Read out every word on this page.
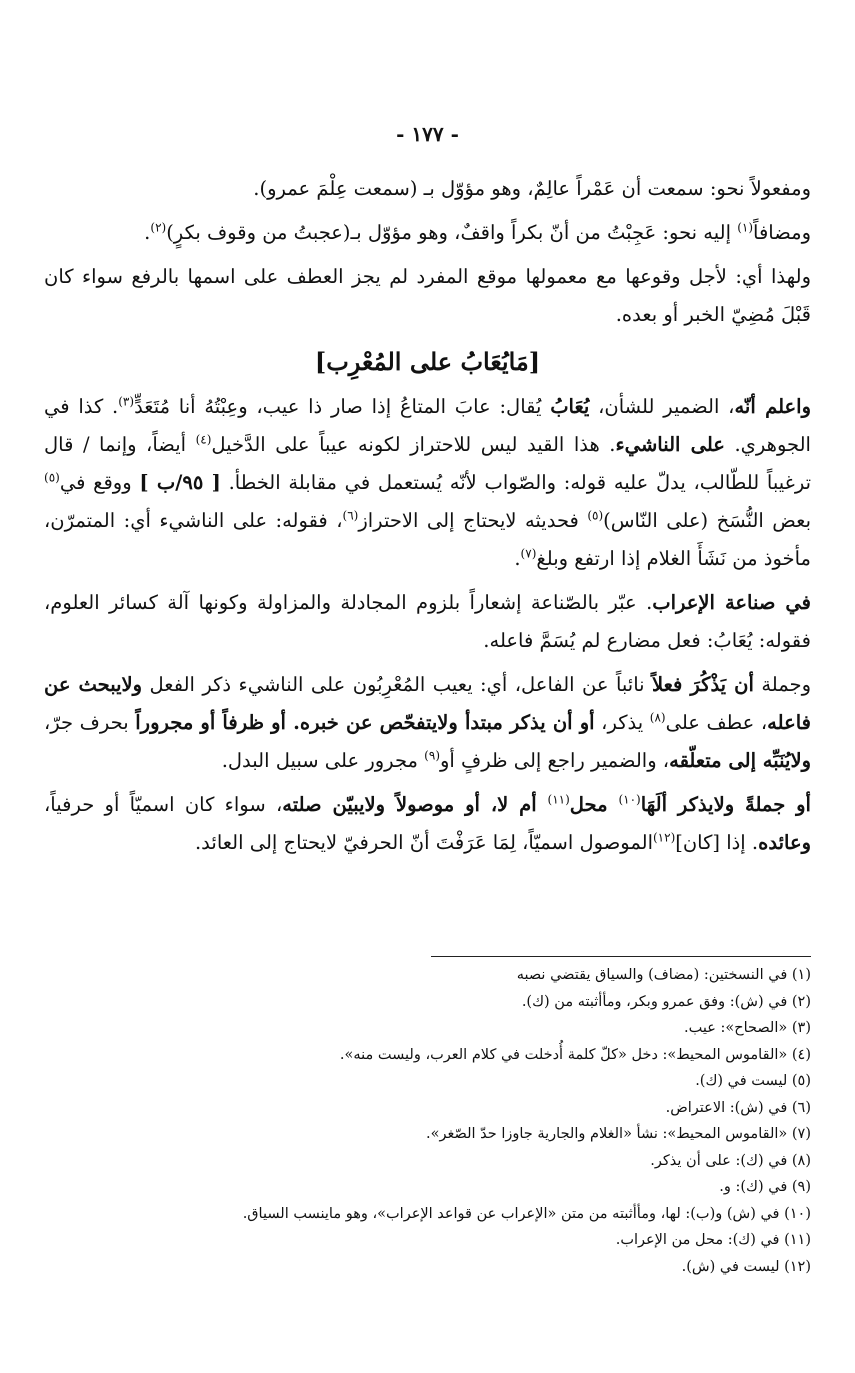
- ١٧٧ -

ومفعولاً نحو: سمعت أن عَمْراً عالِمٌ، وهو مؤوّل بـ (سمعت عِلْمَ عمرو).

ومضافاً$^{(١)}$ إليه نحو: عَجِبْتُ من أنّ بكراً واقفٌ، وهو مؤوّل بـ(عجبتُ من وقوف بكرٍ)$^{(٢)}$.

ولهذا أي: لأجل وقوعها مع معمولها موقع المفرد لم يجز العطف على اسمها بالرفع سواء كان قَبْلَ مُضِيّ الخبر أو بعده.

[مَايُعَابُ على المُعْرِب]

واعلم أنّه، الضمير للشأن، يُعَابُ يُقال: عابَ المتاعُ إذا صار ذا عيب، وعِبْتُهُ أنا مُتَعَدٍّ$^{(٣)}$. كذا في الجوهري. على الناشيء. هذا القيد ليس للاحتراز لكونه عيباً على الدَّخيل$^{(٤)}$ أيضاً، وإنما / قال ترغيباً للطّالب، يدلّ عليه قوله: والصّواب لأنّه يُستعمل في مقابلة الخطأ. [ ٩٥/ب ] ووقع في$^{(٥)}$ بعض النُّسَخ (على النّاس)$^{(٥)}$ فحديثه لايحتاج إلى الاحتراز$^{(٦)}$، فقوله: على الناشيء أي: المتمرّن، مأخوذ من نَشَأَ الغلام إذا ارتفع وبلغ$^{(٧)}$.

في صناعة الإعراب. عبّر بالصّناعة إشعاراً بلزوم المجادلة والمزاولة وكونها آلة كسائر العلوم، فقوله: يُعَابُ: فعل مضارع لم يُسَمَّ فاعله.

وجملة أن يَذْكُرَ فعلاً نائباً عن الفاعل، أي: يعيب المُعْرِبُون على الناشيء ذكر الفعل ولايبحث عن فاعله، عطف على$^{(٨)}$ يذكر، أو أن يذكر مبتدأ ولايتفحّص عن خبره. أو ظرفاً أو مجروراً بحرف جرّ، ولايُنَبِّه إلى متعلّقه، والضمير راجع إلى ظرفٍ أو$^{(٩)}$ مجرور على سبيل البدل.

أو جملةً ولايذكر ألَهَا$^{(١٠)}$ محل$^{(١١)}$ أم لا، أو موصولاً ولايبيّن صلته، سواء كان اسميّاً أو حرفياً، وعائده. إذا [كان]$^{(١٢)}$الموصول اسميّاً، لِمَا عَرَفْتَ أنّ الحرفيّ لايحتاج إلى العائد.

(١) في النسختين: (مضاف) والسياق يقتضي نصبه
(٢) في (ش): وفق عمرو وبكر، ومأأثبته من (ك).
(٣) «الصحاح»: عيب.
(٤) «القاموس المحيط»: دخل «كلّ كلمة أُدخلت في كلام العرب، وليست منه».
(٥) ليست في (ك).
(٦) في (ش): الاعتراض.
(٧) «القاموس المحيط»: نشأ «الغلام والجارية جاوزا حدّ الصّغر».
(٨) في (ك): على أن يذكر.
(٩) في (ك): و.
(١٠) في (ش) و(ب): لها، ومأأثبته من متن «الإعراب عن قواعد الإعراب»، وهو ماينسب السياق.
(١١) في (ك): محل من الإعراب.
(١٢) ليست في (ش).
